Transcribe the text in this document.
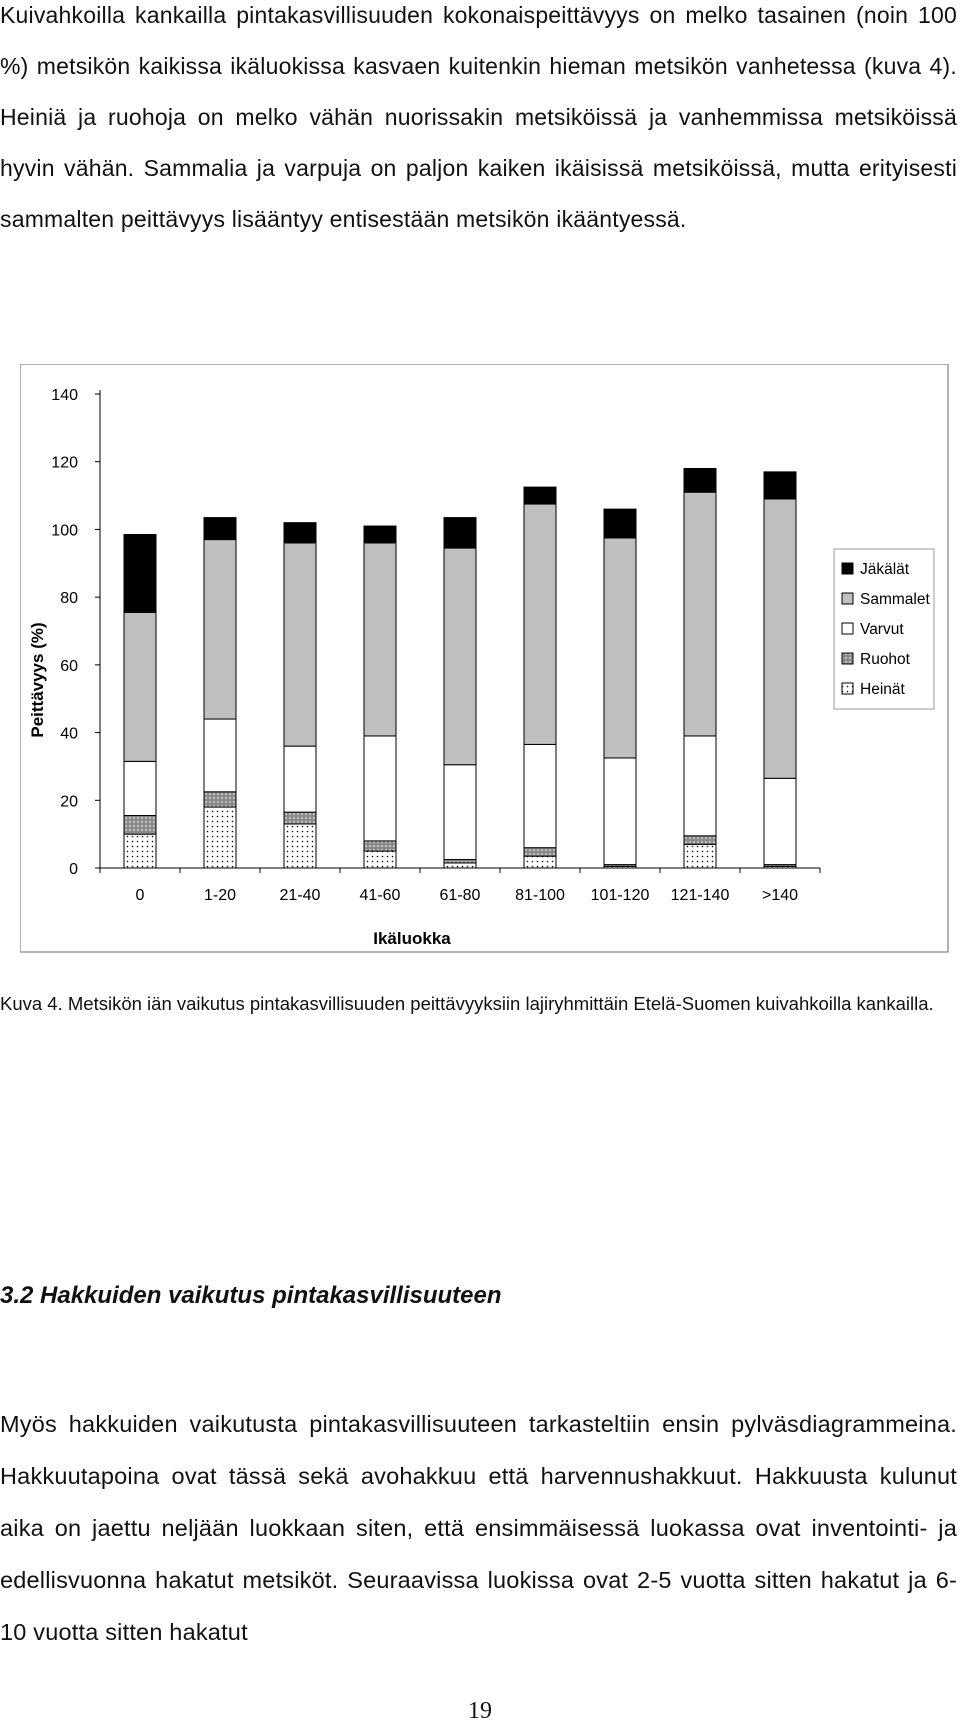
Kuivahkoilla kankailla pintakasvillisuuden kokonaispeittävyys on melko tasainen (noin 100 %) metsikön kaikissa ikäluokissa kasvaen kuitenkin hieman metsikön vanhetessa (kuva 4). Heiniä ja ruohoja on melko vähän nuorissakin metsiköissä ja vanhemmissa metsiköissä hyvin vähän. Sammalia ja varpuja on paljon kaiken ikäisissä metsiköissä, mutta erityisesti sammalten peittävyys lisääntyy entisestään metsikön ikääntyessä.
0
20
40
60
80
100
120
140
0	1-20	21-40 41-60 61-80 81-100 101-120 121-140 >140
Peittävyys (%)
Ikäluokka
Jäkälät
Sammalet
Varvut
Ruohot
Heinät
Kuva 4. Metsikön iän vaikutus pintakasvillisuuden peittävyyksiin lajiryhmittäin Etelä-Suomen kuivahkoilla kankailla.
3.2 Hakkuiden vaikutus pintakasvillisuuteen
Myös hakkuiden vaikutusta pintakasvillisuuteen tarkasteltiin ensin pylväsdiagrammeina. Hakkuutapoina ovat tässä sekä avohakkuu että harvennushakkuut. Hakkuusta kulunut aika on jaettu neljään luokkaan siten, että ensimmäisessä luokassa ovat inventointi- ja edellisvuonna hakatut metsiköt. Seuraavissa luokissa ovat 2-5 vuotta sitten hakatut ja 6-10 vuotta sitten hakatut
19
